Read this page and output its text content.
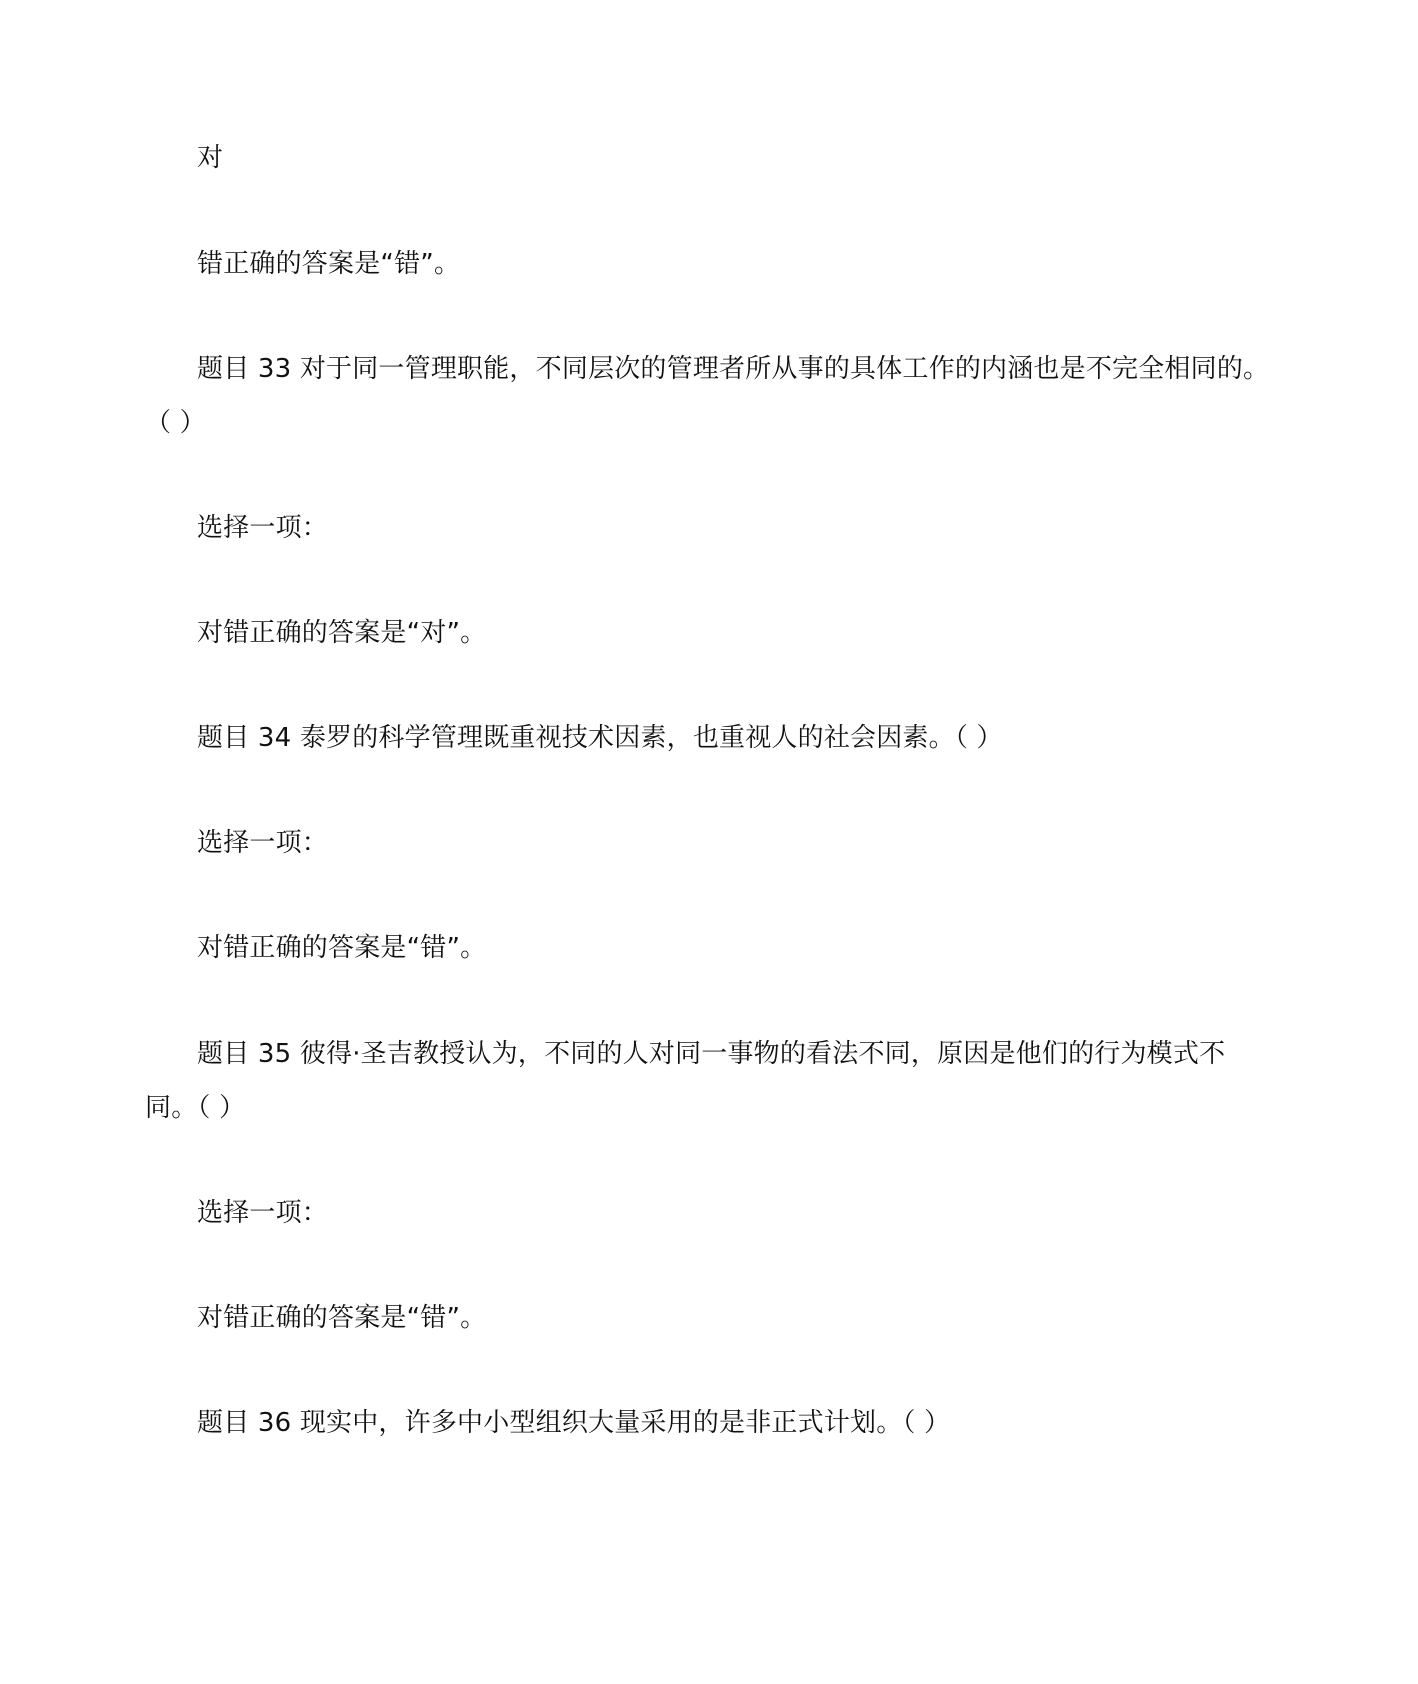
对

错正确的答案是“错”。

题目 33 对于同一管理职能，不同层次的管理者所从事的具体工作的内涵也是不完全相同的。

（ ）

选择一项：

对错正确的答案是“对”。

题目 34 泰罗的科学管理既重视技术因素，也重视人的社会因素。（ ）

选择一项：

对错正确的答案是“错”。

题目 35 彼得·圣吉教授认为，不同的人对同一事物的看法不同，原因是他们的行为模式不

同。（ ）

选择一项：

对错正确的答案是“错”。

题目 36 现实中，许多中小型组织大量采用的是非正式计划。（ ）
